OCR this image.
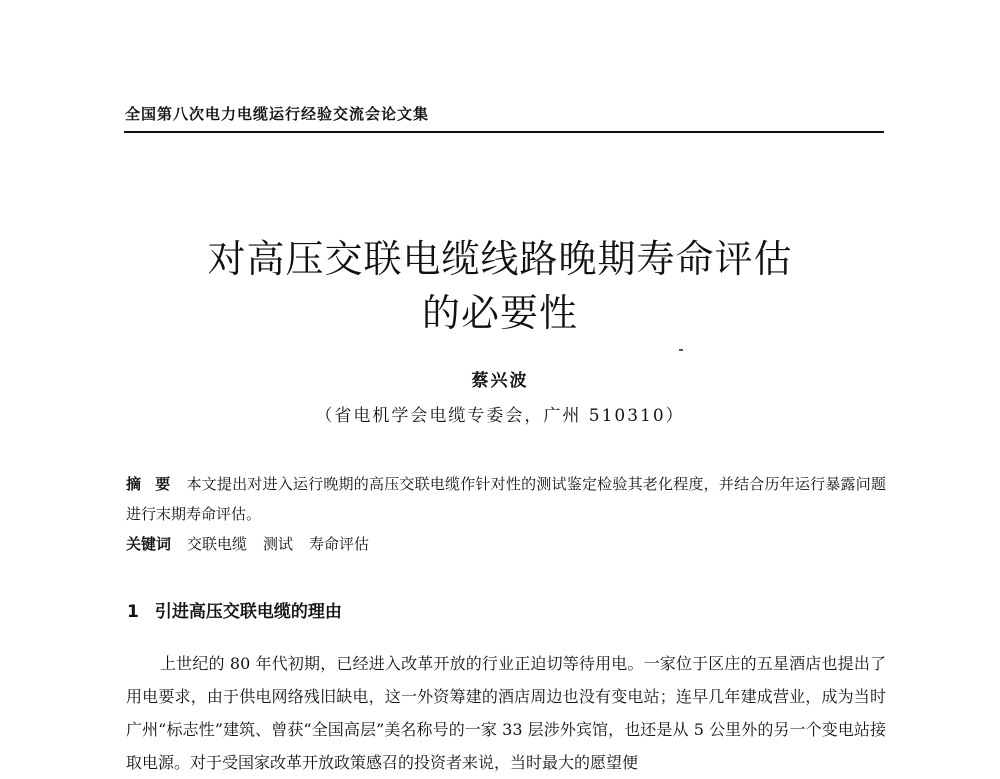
全国第八次电力电缆运行经验交流会论文集
对高压交联电缆线路晚期寿命评估
的必要性
蔡兴波
（省电机学会电缆专委会，广州 510310）
摘要 本文提出对进入运行晚期的高压交联电缆作针对性的测试鉴定检验其老化程度，并结合历年运行暴露问题进行末期寿命评估。
关键词 交联电缆 测试 寿命评估
1 引进高压交联电缆的理由

上世纪的 80 年代初期，已经进入改革开放的行业正迫切等待用电。一家位于区庄的五星酒店也提出了用电要求，由于供电网络残旧缺电，这一外资筹建的酒店周边也没有变电站；连早几年建成营业，成为当时广州“标志性”建筑、曾获“全国高层”美名称号的一家 33 层涉外宾馆，也还是从 5 公里外的另一个变电站接取电源。对于受国家改革开放政策感召的投资者来说，当时最大的愿望便
